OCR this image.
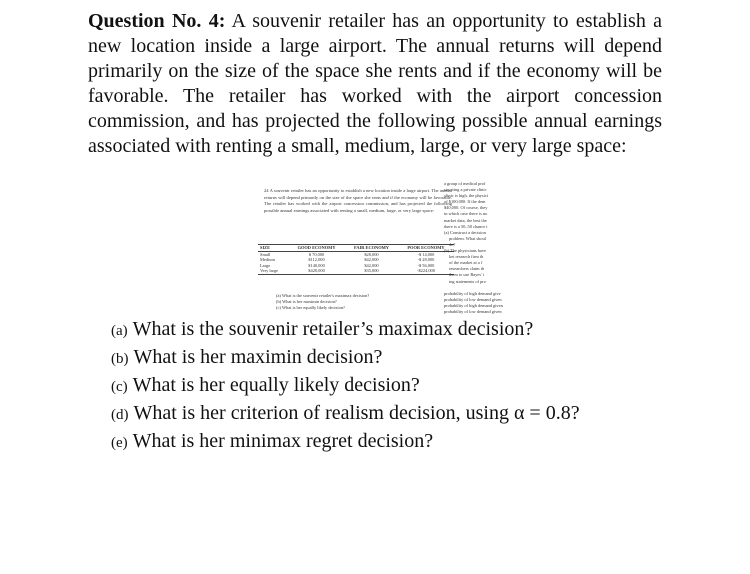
Question No. 4: A souvenir retailer has an opportunity to establish a new location inside a large airport. The annual returns will depend primarily on the size of the space she rents and if the economy will be favorable. The retailer has worked with the airport concession commission, and has projected the following possible annual earnings associated with renting a small, medium, large, or very large space:
24 A souvenir retailer has an opportunity to establish a new location inside a large airport. The annual returns will depend primarily on the size of the space she rents and if the economy will be favorable. The retailer has worked with the airport concession commission, and has projected the following possible annual earnings associated with renting a small, medium, large, or very large space:
SIZE	GOOD ECONOMY	FAIR ECONOMY	POOR ECONOMY
Small	$ 70,000	$28,000	-$ 14,000
Medium	$112,000	$42,000	-$ 28,000
Large	$140,000	$42,000	-$ 56,000
Very large	$420,000	$35,000	-$224,000
(a) What is the souvenir retailer's maximax decision?
(b) What is her maximin decision?
(c) What is her equally likely decision?
a group of medical prof
structing a private clinic
clinic is high, the physici
of $100,000. If the dem
$40,000. Of course, they
in which case there is no
market data, the best the
there is a 50–50 chance t
(a) Construct a decision
problem. What shoul
do?
(b) The physicians have
ket research firm th
of the market at a f
researchers claim th
them to use Bayes' t
ing statements of pro
probability of high demand give
probability of low demand given
probability of high demand given
probability of low demand given
(a) What is the souvenir retailer’s maximax decision?
(b) What is her maximin decision?
(c) What is her equally likely decision?
(d) What is her criterion of realism decision, using α = 0.8?
(e) What is her minimax regret decision?
